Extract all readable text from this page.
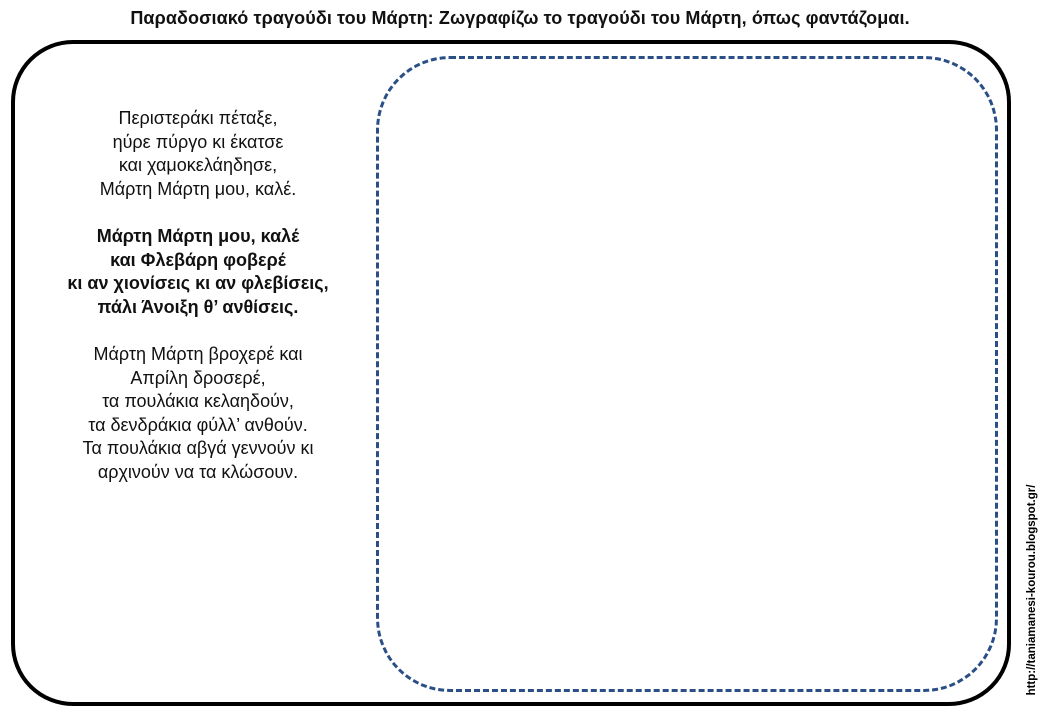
Παραδοσιακό τραγούδι του Μάρτη: Ζωγραφίζω το τραγούδι του Μάρτη, όπως φαντάζομαι.
Περιστεράκι πέταξε,
ηύρε πύργο κι έκατσε
και χαμοκελάηδησε,
Μάρτη Μάρτη μου, καλέ.
Μάρτη Μάρτη μου, καλέ
και Φλεβάρη φοβερέ
κι αν χιονίσεις κι αν φλεβίσεις,
πάλι Άνοιξη θ’ ανθίσεις.
Μάρτη Μάρτη βροχερέ και
Απρίλη δροσερέ,
τα πουλάκια κελαηδούν,
τα δενδράκια φύλλ’ ανθούν.
Τα πουλάκια αβγά γεννούν κι
αρχινούν να τα κλώσουν.
http://taniamanesi-kourou.blogspot.gr/
